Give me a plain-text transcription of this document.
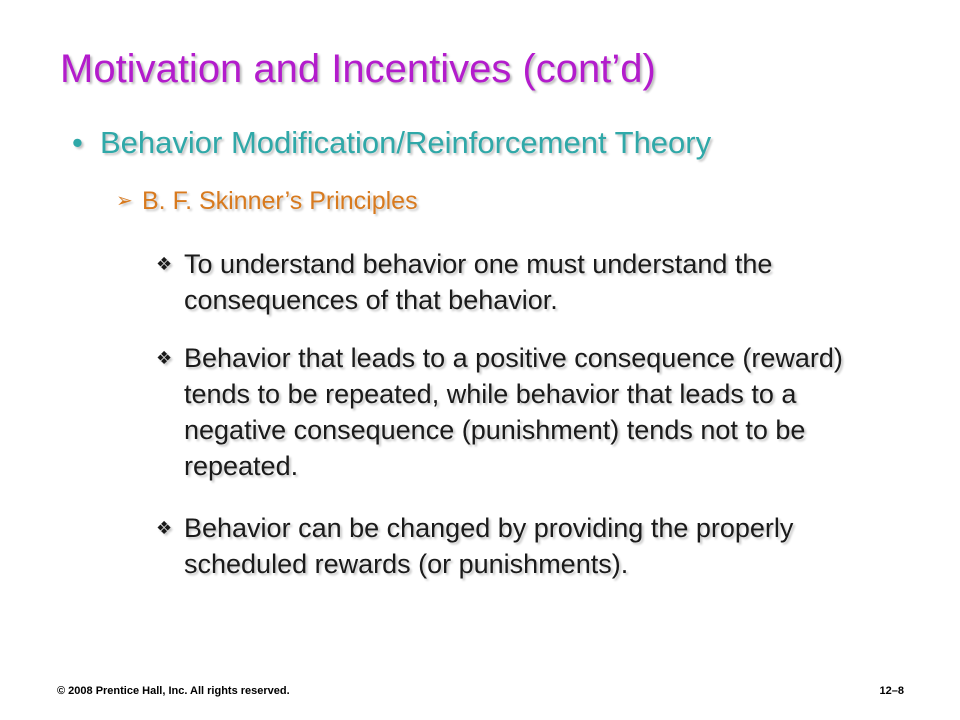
Motivation and Incentives (cont’d)
• Behavior Modification/Reinforcement Theory
➢ B. F. Skinner’s Principles
❖ To understand behavior one must understand the consequences of that behavior.
❖ Behavior that leads to a positive consequence (reward) tends to be repeated, while behavior that leads to a negative consequence (punishment) tends not to be repeated.
❖ Behavior can be changed by providing the properly scheduled rewards (or punishments).
© 2008 Prentice Hall, Inc. All rights reserved.	12–8
